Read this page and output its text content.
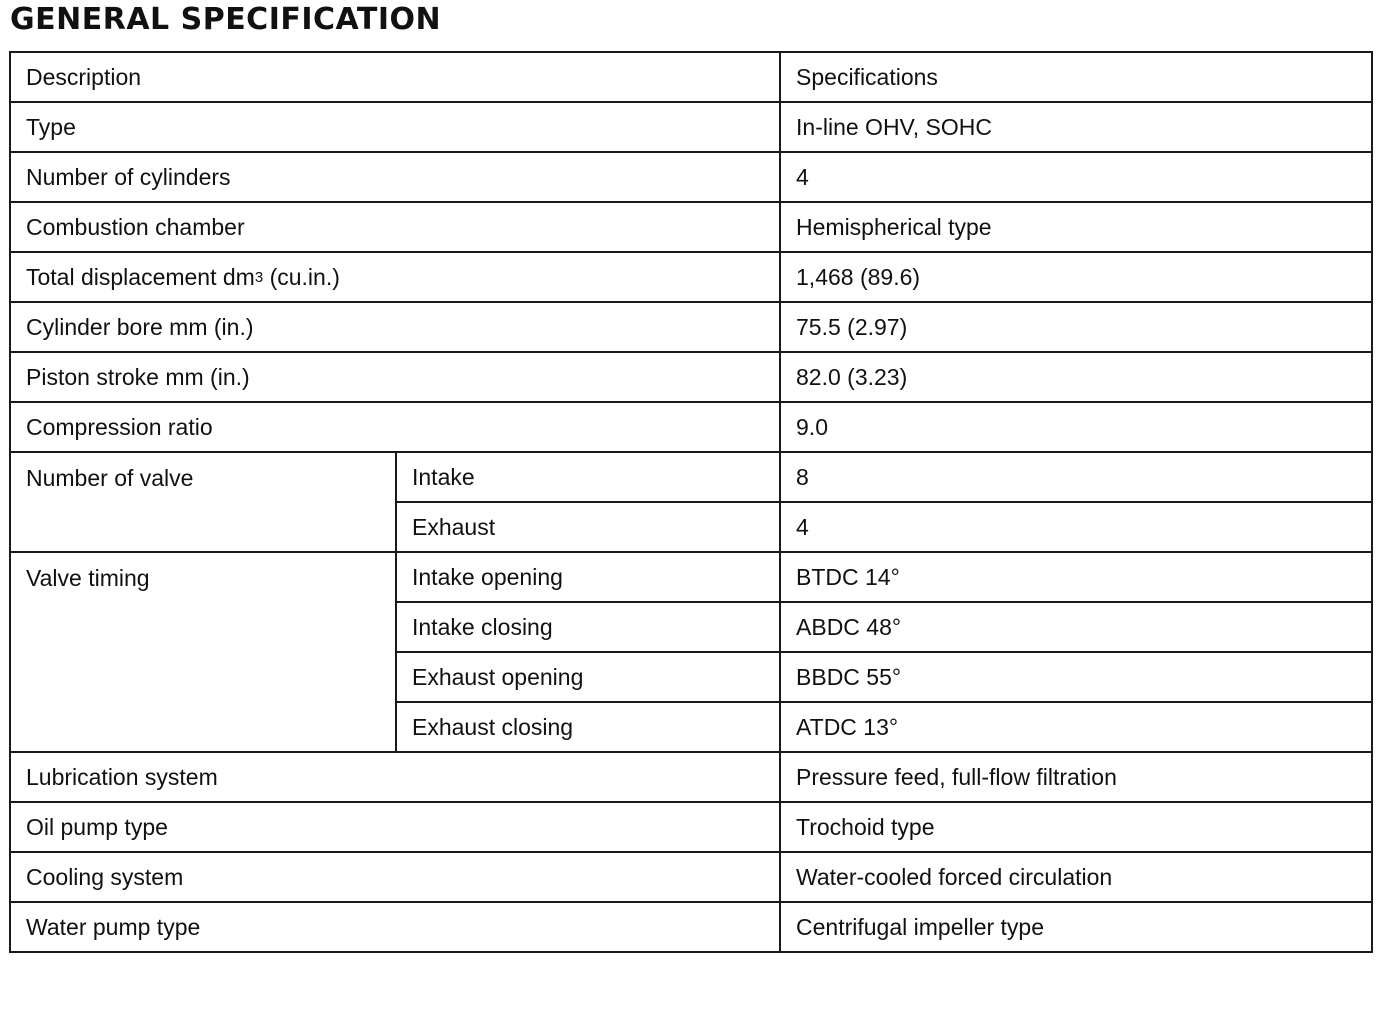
GENERAL SPECIFICATION
Description		Specifications
Type		In-line OHV, SOHC
Number of cylinders		4
Combustion chamber		Hemispherical type
Total displacement $dm^3$ (cu.in.)		1,468 (89.6)
Cylinder bore mm (in.)		75.5 (2.97)
Piston stroke mm (in.)		82.0 (3.23)
Compression ratio		9.0
Number of valve	Intake	8
	Exhaust	4
Valve timing	Intake opening	BTDC 14°
	Intake closing	ABDC 48°
	Exhaust opening	BBDC 55°
	Exhaust closing	ATDC 13°
Lubrication system		Pressure feed, full-flow filtration
Oil pump type		Trochoid type
Cooling system		Water-cooled forced circulation
Water pump type		Centrifugal impeller type
